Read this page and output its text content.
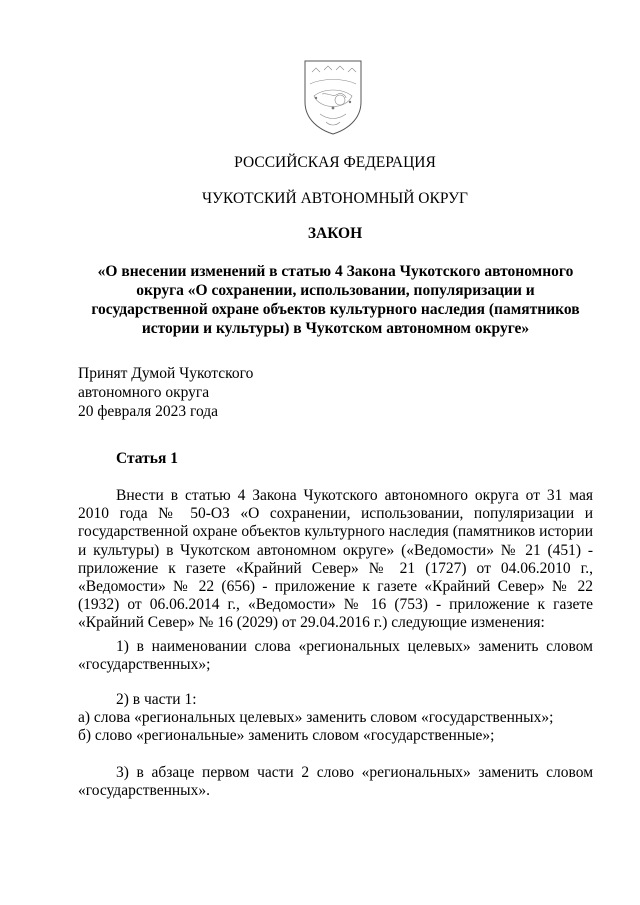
РОССИЙСКАЯ ФЕДЕРАЦИЯ
ЧУКОТСКИЙ АВТОНОМНЫЙ ОКРУГ
ЗАКОН
«О внесении изменений в статью 4 Закона Чукотского автономного округа «О сохранении, использовании, популяризации и государственной охране объектов культурного наследия (памятников истории и культуры) в Чукотском автономном округе»
Принят Думой Чукотского
автономного округа
20 февраля 2023 года
Статья 1
Внести в статью 4 Закона Чукотского автономного округа от 31 мая 2010 года № 50-ОЗ «О сохранении, использовании, популяризации и государственной охране объектов культурного наследия (памятников истории и культуры) в Чукотском автономном округе» («Ведомости» № 21 (451) - приложение к газете «Крайний Север» № 21 (1727) от 04.06.2010 г., «Ведомости» № 22 (656) - приложение к газете «Крайний Север» № 22 (1932) от 06.06.2014 г., «Ведомости» № 16 (753) - приложение к газете «Крайний Север» № 16 (2029) от 29.04.2016 г.) следующие изменения:
1) в наименовании слова «региональных целевых» заменить словом «государственных»;
2) в части 1:
а) слова «региональных целевых» заменить словом «государственных»;
б) слово «региональные» заменить словом «государственные»;
3) в абзаце первом части 2 слово «региональных» заменить словом «государственных».
